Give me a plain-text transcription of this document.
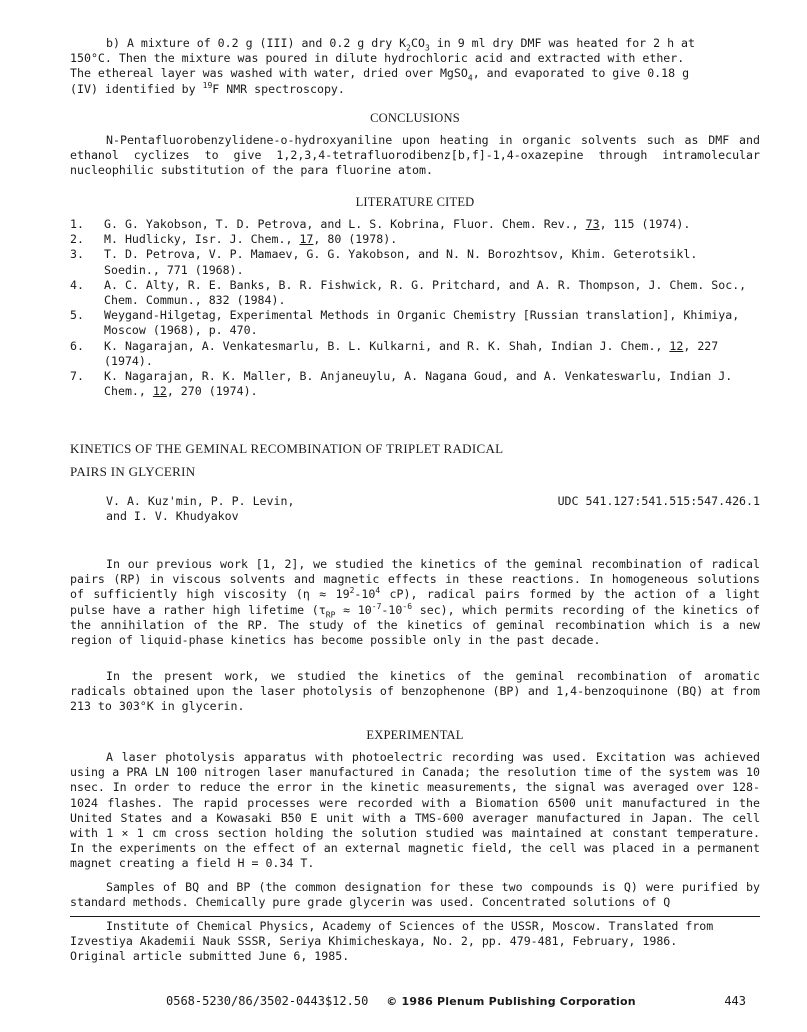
b) A mixture of 0.2 g (III) and 0.2 g dry $K_2CO_3$ in 9 ml dry DMF was heated for 2 h at

150°C. Then the mixture was poured in dilute hydrochloric acid and extracted with ether.

The ethereal layer was washed with water, dried over MgSO$_4$, and evaporated to give 0.18 g

(IV) identified by $^{19}$F NMR spectroscopy.

CONCLUSIONS
N-Pentafluorobenzylidene-o-hydroxyaniline upon heating in organic solvents such as DMF and ethanol cyclizes to give 1,2,3,4-tetrafluorodibenz[b,f]-1,4-oxazepine through intramolecular nucleophilic substitution of the para fluorine atom.
LITERATURE CITED
1.	G. G. Yakobson, T. D. Petrova, and L. S. Kobrina, Fluor. Chem. Rev., 73, 115 (1974).
2.	M. Hudlicky, Isr. J. Chem., 17, 80 (1978).
3.	T. D. Petrova, V. P. Mamaev, G. G. Yakobson, and N. N. Borozhtsov, Khim. Geterotsikl. Soedin., 771 (1968).
4.	A. C. Alty, R. E. Banks, B. R. Fishwick, R. G. Pritchard, and A. R. Thompson, J. Chem. Soc., Chem. Commun., 832 (1984).
5.	Weygand-Hilgetag, Experimental Methods in Organic Chemistry [Russian translation], Khimiya, Moscow (1968), p. 470.
6.	K. Nagarajan, A. Venkatesmarlu, B. L. Kulkarni, and R. K. Shah, Indian J. Chem., 12, 227 (1974).
7.	K. Nagarajan, R. K. Maller, B. Anjaneuylu, A. Nagana Goud, and A. Venkateswarlu, Indian J. Chem., 12, 270 (1974).
KINETICS OF THE GEMINAL RECOMBINATION OF TRIPLET RADICAL
PAIRS IN GLYCERIN
V. A. Kuz'min, P. P. Levin,
and I. V. Khudyakov
UDC 541.127:541.515:547.426.1
In our previous work [1, 2], we studied the kinetics of the geminal recombination of radical pairs (RP) in viscous solvents and magnetic effects in these reactions. In homogeneous solutions of sufficiently high viscosity ($\eta \approx 19^2-10^4$ cP), radical pairs formed by the action of a light pulse have a rather high lifetime ($\tau_{RP} \approx 10^{-7}-10^{-6}$ sec), which permits recording of the kinetics of the annihilation of the RP. The study of the kinetics of geminal recombination which is a new region of liquid-phase kinetics has become possible only in the past decade.
In the present work, we studied the kinetics of the geminal recombination of aromatic radicals obtained upon the laser photolysis of benzophenone (BP) and 1,4-benzoquinone (BQ) at from 213 to 303°K in glycerin.
EXPERIMENTAL
A laser photolysis apparatus with photoelectric recording was used. Excitation was achieved using a PRA LN 100 nitrogen laser manufactured in Canada; the resolution time of the system was 10 nsec. In order to reduce the error in the kinetic measurements, the signal was averaged over 128-1024 flashes. The rapid processes were recorded with a Biomation 6500 unit manufactured in the United States and a Kowasaki B50 E unit with a TMS-600 averager manufactured in Japan. The cell with 1 × 1 cm cross section holding the solution studied was maintained at constant temperature. In the experiments on the effect of an external magnetic field, the cell was placed in a permanent magnet creating a field H = 0.34 T.
Samples of BQ and BP (the common designation for these two compounds is Q) were purified by standard methods. Chemically pure grade glycerin was used. Concentrated solutions of Q

Institute of Chemical Physics, Academy of Sciences of the USSR, Moscow. Translated from

Izvestiya Akademii Nauk SSSR, Seriya Khimicheskaya, No. 2, pp. 479-481, February, 1986.

Original article submitted June 6, 1985.

0568-5230/86/3502-0443$12.50 © 1986 Plenum Publishing Corporation	443
